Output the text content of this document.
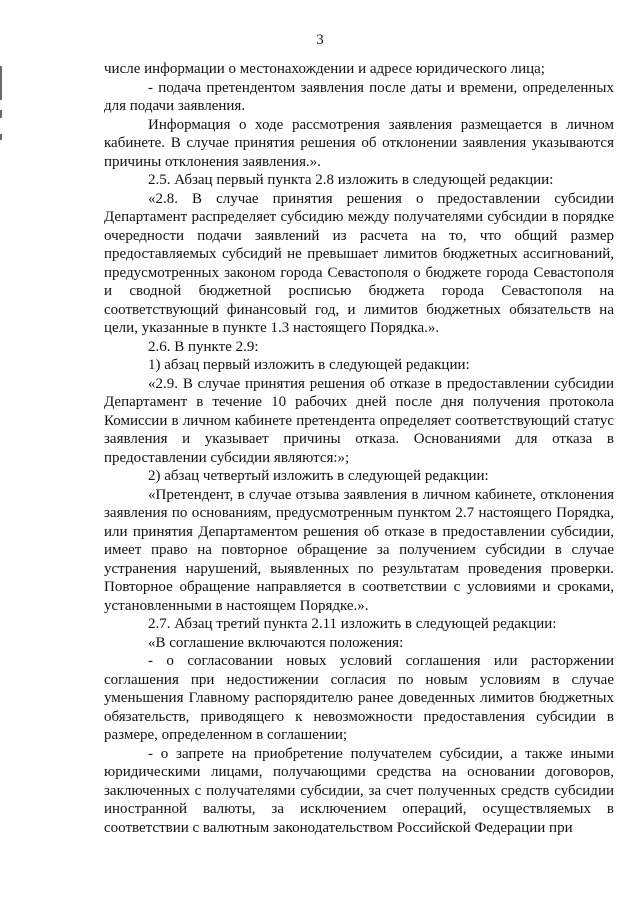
3

числе информации о местонахождении и адресе юридического лица;

- подача претендентом заявления после даты и времени, определенных для подачи заявления.

Информация о ходе рассмотрения заявления размещается в личном кабинете. В случае принятия решения об отклонении заявления указываются причины отклонения заявления.».

2.5. Абзац первый пункта 2.8 изложить в следующей редакции:

«2.8. В случае принятия решения о предоставлении субсидии Департамент распределяет субсидию между получателями субсидии в порядке очередности подачи заявлений из расчета на то, что общий размер предоставляемых субсидий не превышает лимитов бюджетных ассигнований, предусмотренных законом города Севастополя о бюджете города Севастополя и сводной бюджетной росписью бюджета города Севастополя на соответствующий финансовый год, и лимитов бюджетных обязательств на цели, указанные в пункте 1.3 настоящего Порядка.».

2.6. В пункте 2.9:

1) абзац первый изложить в следующей редакции:

«2.9. В случае принятия решения об отказе в предоставлении субсидии Департамент в течение 10 рабочих дней после дня получения протокола Комиссии в личном кабинете претендента определяет соответствующий статус заявления и указывает причины отказа. Основаниями для отказа в предоставлении субсидии являются:»;

2) абзац четвертый изложить в следующей редакции:

«Претендент, в случае отзыва заявления в личном кабинете, отклонения заявления по основаниям, предусмотренным пунктом 2.7 настоящего Порядка, или принятия Департаментом решения об отказе в предоставлении субсидии, имеет право на повторное обращение за получением субсидии в случае устранения нарушений, выявленных по результатам проведения проверки. Повторное обращение направляется в соответствии с условиями и сроками, установленными в настоящем Порядке.».

2.7. Абзац третий пункта 2.11 изложить в следующей редакции:

«В соглашение включаются положения:

- о согласовании новых условий соглашения или расторжении соглашения при недостижении согласия по новым условиям в случае уменьшения Главному распорядителю ранее доведенных лимитов бюджетных обязательств, приводящего к невозможности предоставления субсидии в размере, определенном в соглашении;

- о запрете на приобретение получателем субсидии, а также иными юридическими лицами, получающими средства на основании договоров, заключенных с получателями субсидии, за счет полученных средств субсидии иностранной валюты, за исключением операций, осуществляемых в соответствии с валютным законодательством Российской Федерации при
